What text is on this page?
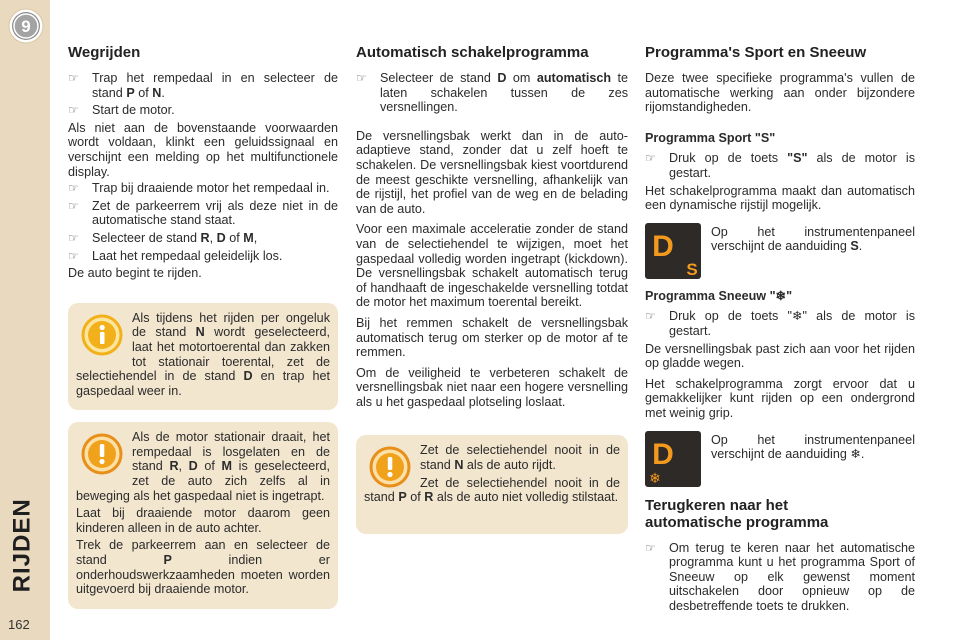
9
RIJDEN
162
Wegrijden
☞ Trap het rempedaal in en selecteer de stand P of N.
☞ Start de motor.

Als niet aan de bovenstaande voorwaarden wordt voldaan, klinkt een geluidssignaal en verschijnt een melding op het multifunctionele display.

☞ Trap bij draaiende motor het rempedaal in.
☞ Zet de parkeerrem vrij als deze niet in de automatische stand staat.
☞ Selecteer de stand R, D of M,
☞ Laat het rempedaal geleidelijk los.

De auto begint te rijden.

Als tijdens het rijden per ongeluk de stand N wordt geselecteerd, laat het motortoerental dan zakken tot stationair toerental, zet de selectiehendel in de stand D en trap het gaspedaal weer in.

Als de motor stationair draait, het rempedaal is losgelaten en de stand R, D of M is geselecteerd, zet de auto zich zelfs al in beweging als het gaspedaal niet is ingetrapt.

Laat bij draaiende motor daarom geen kinderen alleen in de auto achter.

Trek de parkeerrem aan en selecteer de stand P indien er onderhoudswerkzaamheden moeten worden uitgevoerd bij draaiende motor.

Automatisch schakelprogramma
☞ Selecteer de stand D om automatisch te laten schakelen tussen de zes versnellingen.

De versnellingsbak werkt dan in de auto-adaptieve stand, zonder dat u zelf hoeft te schakelen. De versnellingsbak kiest voortdurend de meest geschikte versnelling, afhankelijk van de rijstijl, het profiel van de weg en de belading van de auto.

Voor een maximale acceleratie zonder de stand van de selectiehendel te wijzigen, moet het gaspedaal volledig worden ingetrapt (kickdown). De versnellingsbak schakelt automatisch terug of handhaaft de ingeschakelde versnelling totdat de motor het maximum toerental bereikt.

Bij het remmen schakelt de versnellingsbak automatisch terug om sterker op de motor af te remmen.

Om de veiligheid te verbeteren schakelt de versnellingsbak niet naar een hogere versnelling als u het gaspedaal plotseling loslaat.

Zet de selectiehendel nooit in de stand N als de auto rijdt.

Zet de selectiehendel nooit in de stand P of R als de auto niet volledig stilstaat.

Programma's Sport en Sneeuw

Deze twee specifieke programma's vullen de automatische werking aan onder bijzondere rijomstandigheden.

Programma Sport "S"
☞ Druk op de toets "S" als de motor is gestart.

Het schakelprogramma maakt dan automatisch een dynamische rijstijl mogelijk.

D
S

Op het instrumentenpaneel verschijnt de aanduiding S.

Programma Sneeuw "❄"
☞ Druk op de toets "❄" als de motor is gestart.

De versnellingsbak past zich aan voor het rijden op gladde wegen.

Het schakelprogramma zorgt ervoor dat u gemakkelijker kunt rijden op een ondergrond met weinig grip.

D
❄

Op het instrumentenpaneel verschijnt de aanduiding ❄.

Terugkeren naar het automatische programma
☞ Om terug te keren naar het automatische programma kunt u het programma Sport of Sneeuw op elk gewenst moment uitschakelen door opnieuw op de desbetreffende toets te drukken.
